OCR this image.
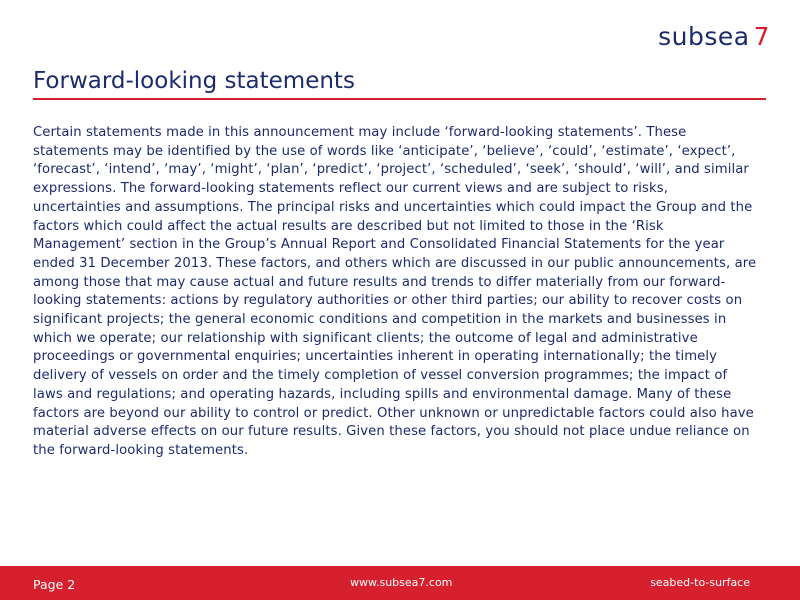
subsea 7
Forward-looking statements

Certain statements made in this announcement may include ‘forward-looking statements’. These statements may be identified by the use of words like ‘anticipate’, ‘believe’, ‘could’, ‘estimate’, ‘expect’, ‘forecast’, ‘intend’, ‘may’, ‘might’, ‘plan’, ‘predict’, ‘project’, ‘scheduled’, ‘seek’, ‘should’, ‘will’, and similar expressions. The forward-looking statements reflect our current views and are subject to risks, uncertainties and assumptions. The principal risks and uncertainties which could impact the Group and the factors which could affect the actual results are described but not limited to those in the ‘Risk Management’ section in the Group’s Annual Report and Consolidated Financial Statements for the year ended 31 December 2013. These factors, and others which are discussed in our public announcements, are among those that may cause actual and future results and trends to differ materially from our forward-looking statements: actions by regulatory authorities or other third parties; our ability to recover costs on significant projects; the general economic conditions and competition in the markets and businesses in which we operate; our relationship with significant clients; the outcome of legal and administrative proceedings or governmental enquiries; uncertainties inherent in operating internationally; the timely delivery of vessels on order and the timely completion of vessel conversion programmes; the impact of laws and regulations; and operating hazards, including spills and environmental damage. Many of these factors are beyond our ability to control or predict. Other unknown or unpredictable factors could also have material adverse effects on our future results. Given these factors, you should not place undue reliance on the forward-looking statements.

Page 2	www.subsea7.com	seabed-to-surface
